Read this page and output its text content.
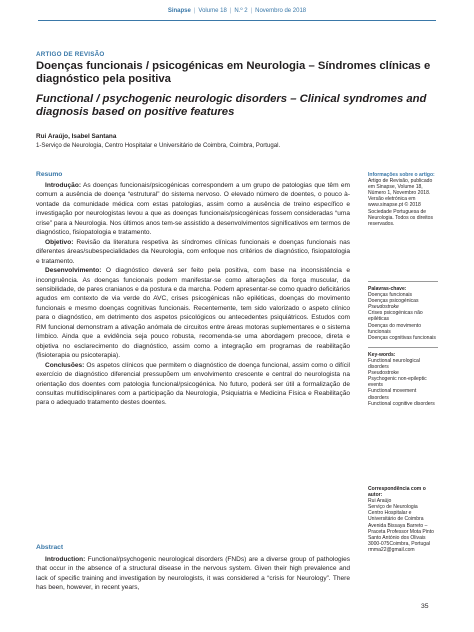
Sinapse | Volume 18 | N.º 2 | Novembro de 2018
ARTIGO DE REVISÃO
Doenças funcionais / psicogénicas em Neurologia – Síndromes clínicas e diagnóstico pela positiva
Functional / psychogenic neurologic disorders – Clinical syndromes and diagnosis based on positive features
Rui Araújo, Isabel Santana
1-Serviço de Neurologia, Centro Hospitalar e Universitário de Coimbra, Coimbra, Portugal.
Resumo

Introdução: As doenças funcionais/psicogénicas correspondem a um grupo de patologias que têm em comum a ausência de doença “estrutural” do sistema nervoso. O elevado número de doentes, o pouco à-vontade da comunidade médica com estas patologias, assim como a ausência de treino específico e investigação por neurologistas levou a que as doenças funcionais/psicogénicas fossem consideradas “uma crise” para a Neurologia. Nos últimos anos tem-se assistido a desenvolvimentos significativos em termos de diagnóstico, fisiopatologia e tratamento.

Objetivo: Revisão da literatura respetiva às síndromes clínicas funcionais e doenças funcionais nas diferentes áreas/subespecialidades da Neurologia, com enfoque nos critérios de diagnóstico, fisiopatologia e tratamento.

Desenvolvimento: O diagnóstico deverá ser feito pela positiva, com base na inconsistência e incongruência. As doenças funcionais podem manifestar-se como alterações da força muscular, da sensibilidade, de pares cranianos e da postura e da marcha. Podem apresentar-se como quadro deficitários agudos em contexto de via verde do AVC, crises psicogénicas não epiléticas, doenças do movimento funcionais e mesmo doenças cognitivas funcionais. Recentemente, tem sido valorizado o aspeto clínico para o diagnóstico, em detrimento dos aspetos psicológicos ou antecedentes psiquiátricos. Estudos com RM funcional demonstram a ativação anómala de circuitos entre áreas motoras suplementares e o sistema límbico. Ainda que a evidência seja pouco robusta, recomenda-se uma abordagem precoce, direta e objetiva no esclarecimento do diagnóstico, assim como a integração em programas de reabilitação (fisioterapia ou psicoterapia).

Conclusões: Os aspetos clínicos que permitem o diagnóstico de doença funcional, assim como o difícil exercício de diagnóstico diferencial pressupõem um envolvimento crescente e central do neurologista na orientação dos doentes com patologia funcional/psicogénica. No futuro, poderá ser útil a formalização de consultas multidisciplinares com a participação da Neurologia, Psiquiatria e Medicina Física e Reabilitação para o adequado tratamento destes doentes.

Abstract

Introduction: Functional/psychogenic neurological disorders (FNDs) are a diverse group of pathologies that occur in the absence of a structural disease in the nervous system. Given their high prevalence and lack of specific training and investigation by neurologists, it was considered a “crisis for Neurology”. There has been, however, in recent years,

Informações sobre o artigo:
Artigo de Revisão, publicado em Sinapse, Volume 18, Número 1, Novembro 2018. Versão eletrónica em www.sinapse.pt © 2018 Sociedade Portuguesa de Neurologia. Todos os direitos reservados.
Palavras-chave:
Doenças funcionais
Doenças psicogénicas
Pseudostroke
Crises psicogénicas não epiléticas
Doenças do movimento funcionais
Doenças cognitivas funcionais
Key-words:
Functional neurological disorders
Pseudostroke
Psychogenic non-epileptic events
Functional movement disorders
Functional cognitive disorders
Correspondência com o autor:
Rui Araújo
Serviço de Neurologia
Centro Hospitalar e
Universitário de Coimbra
Avenida Bissaya Barreto –
Praceta Professor Mota Pinto
Santo António dos Olivais
3000-075Coimbra, Portugal
rmma22@gmail.com
35
